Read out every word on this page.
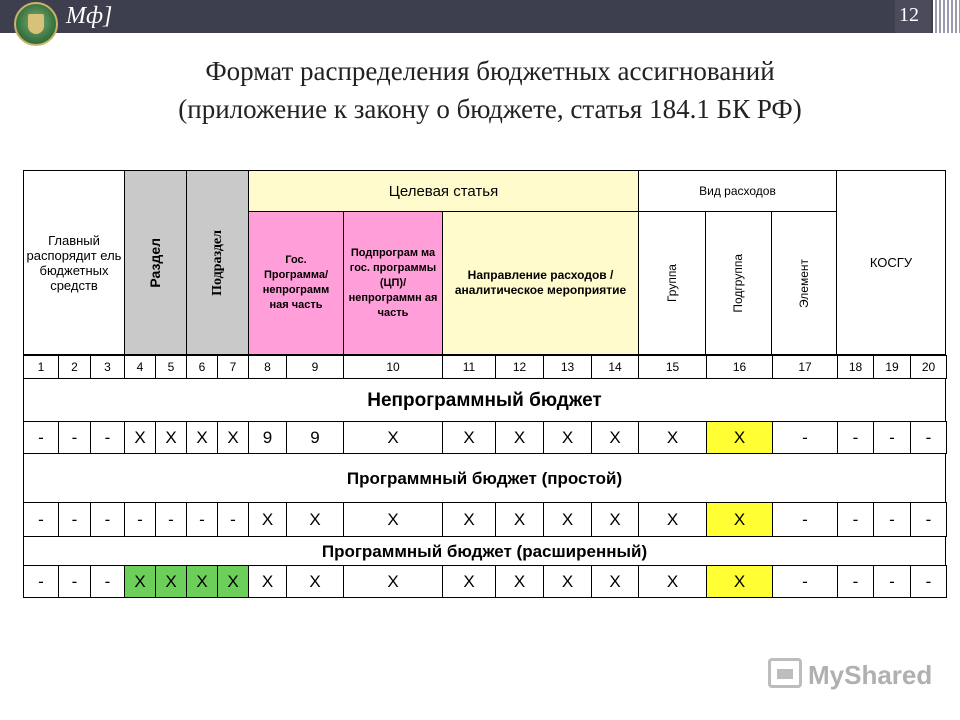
Мф]	12
Формат распределения бюджетных ассигнований
(приложение к закону о бюджете, статья 184.1 БК РФ)
Главный распорядит ель бюджетных средств	Раздел	Подраздел
Целевая статья
Гос. Программа/ непрограмм ная часть
Подпрограм ма гос. программы (ЦП)/ непрограммн ая часть
Направление расходов / аналитическое мероприятие
Вид расходов
Группа	Подгруппа	Элемент	КОСГУ
1	2	3	4	5	6	7	8	9	10	11	12	13	14	15	16	17	18	19	20
Непрограммный бюджет
-	-	-	X	X	X	X	9	9	X	X	X	X	X	X	X	-	-	-	-
Программный бюджет (простой)
-	-	-	-	-	-	-	X	X	X	X	X	X	X	X	X	-	-	-	-
Программный бюджет (расширенный)
-	-	-	X	X	X	X	X	X	X	X	X	X	X	X	X	-	-	-	-
MyShared
